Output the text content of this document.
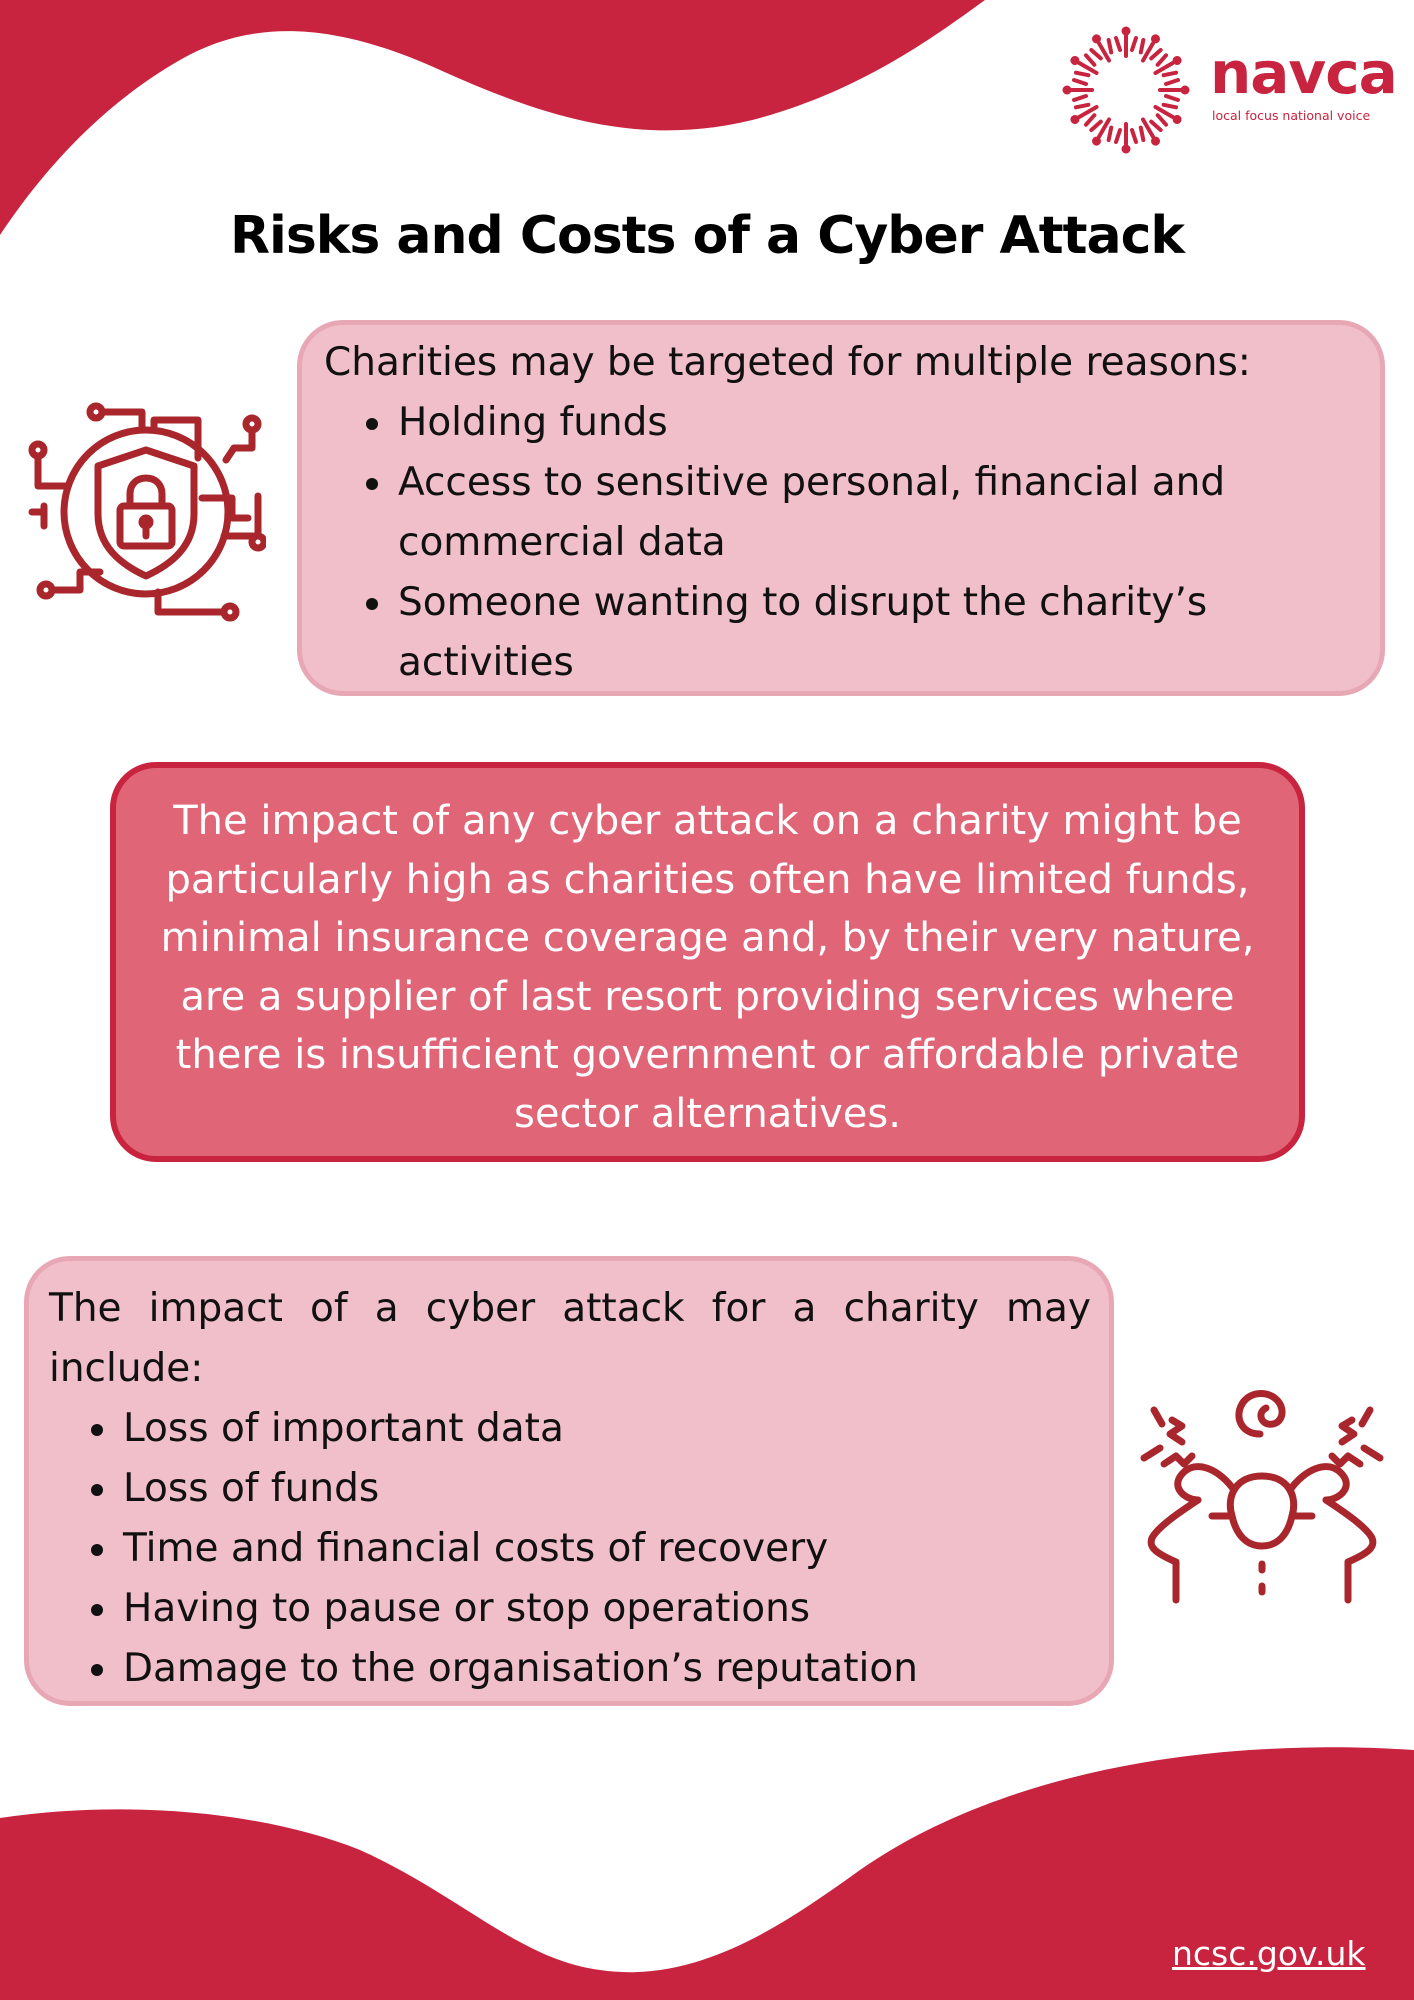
navca
local focus national voice
Risks and Costs of a Cyber Attack

Charities may be targeted for multiple reasons:

• Holding funds
• Access to sensitive personal, financial and commercial data
• Someone wanting to disrupt the charity’s activities

The impact of any cyber attack on a charity might be particularly high as charities often have limited funds, minimal insurance coverage and, by their very nature, are a supplier of last resort providing services where there is insufficient government or affordable private sector alternatives.

The impact of a cyber attack for a charity may include:

• Loss of important data
• Loss of funds
• Time and financial costs of recovery
• Having to pause or stop operations
• Damage to the organisation’s reputation
ncsc.gov.uk
